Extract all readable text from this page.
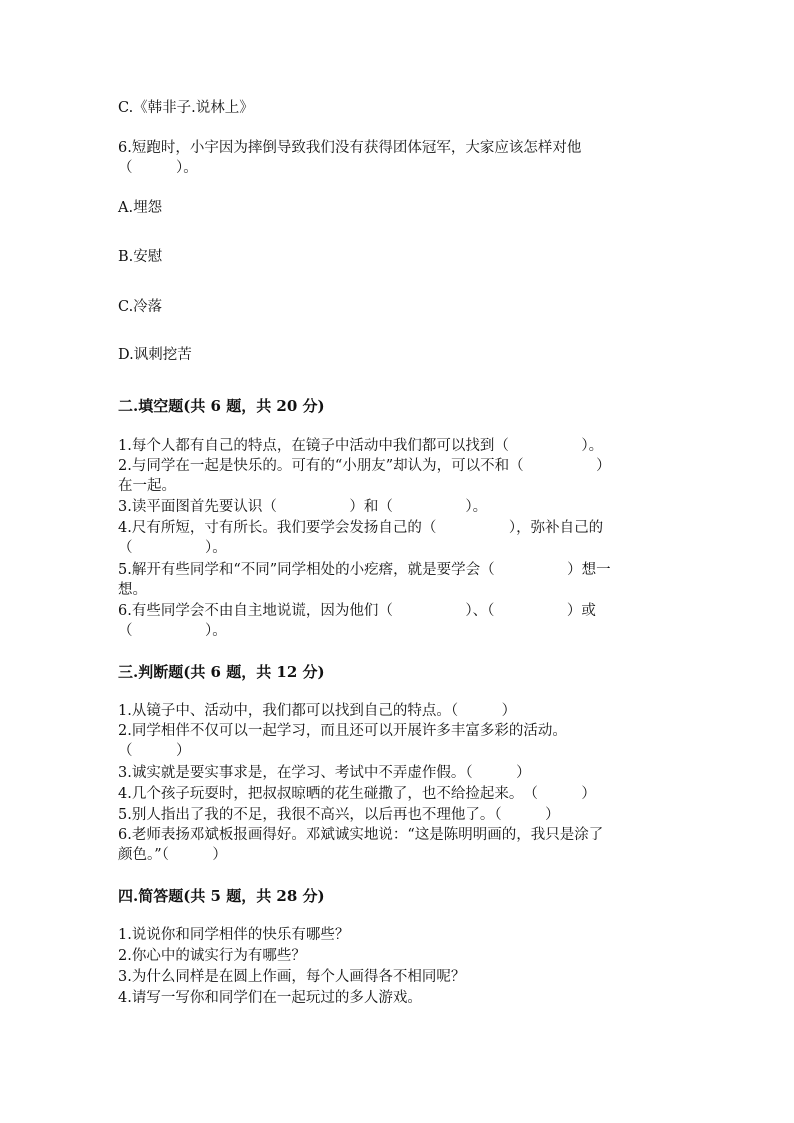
C.《韩非子.说林上》
6.短跑时，小宇因为摔倒导致我们没有获得团体冠军，大家应该怎样对他
（　　　）。
A.埋怨
B.安慰
C.冷落
D.讽刺挖苦
二.填空题(共 6 题，共 20 分)
1.每个人都有自己的特点，在镜子中活动中我们都可以找到（　　　　　）。
2.与同学在一起是快乐的。可有的“小朋友”却认为，可以不和（　　　　　）
在一起。
3.读平面图首先要认识（　　　　　）和（　　　　　）。
4.尺有所短，寸有所长。我们要学会发扬自己的（　　　　　），弥补自己的
（　　　　　）。
5.解开有些同学和“不同”同学相处的小疙瘩，就是要学会（　　　　　）想一
想。
6.有些同学会不由自主地说谎，因为他们（　　　　　）、（　　　　　）或
（　　　　　）。
三.判断题(共 6 题，共 12 分)
1.从镜子中、活动中，我们都可以找到自己的特点。（　　　）
2.同学相伴不仅可以一起学习，而且还可以开展许多丰富多彩的活动。
（　　　）
3.诚实就是要实事求是，在学习、考试中不弄虚作假。（　　　）
4.几个孩子玩耍时，把叔叔晾晒的花生碰撒了，也不给捡起来。　（　　　）
5.别人指出了我的不足，我很不高兴，以后再也不理他了。（　　　）
6.老师表扬邓斌板报画得好。邓斌诚实地说：“这是陈明明画的，我只是涂了
颜色。”（　　　）
四.简答题(共 5 题，共 28 分)
1.说说你和同学相伴的快乐有哪些？
2.你心中的诚实行为有哪些？
3.为什么同样是在圆上作画，每个人画得各不相同呢？
4.请写一写你和同学们在一起玩过的多人游戏。
